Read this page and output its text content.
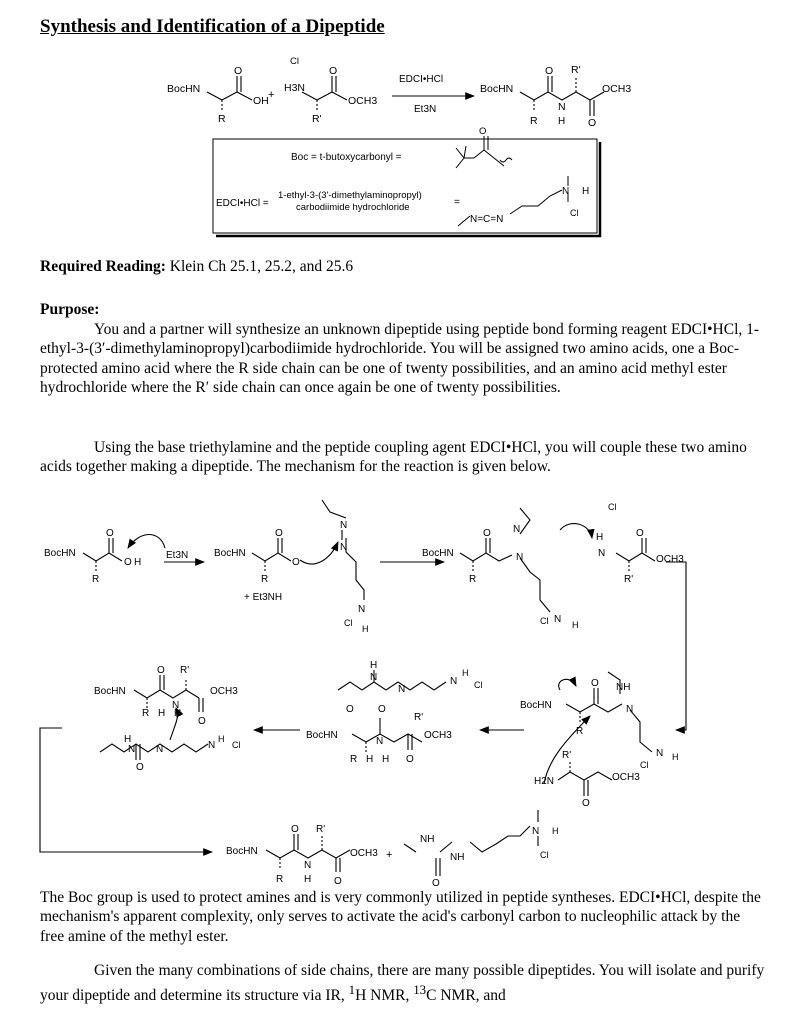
Synthesis and Identification of a Dipeptide
BocHN
O
OH
R
+
Cl
H3N
O
OCH3
R'
EDCI•HCl
Et3N
BocHN
O R'
N
H
R	O
OCH3
Boc = t-butoxycarbonyl =
O
EDCI•HCl =
1-ethyl-3-(3'-dimethylaminopropyl)
carbodiimide hydrochloride	=
N=C=N
N H
Cl
BocHN
O
O H
R
Et3N	BocHN
O
O
R
+ Et3NH
N
N
N
Cl
H
BocHN
O
R
N
N
Cl N H
Cl
H
N
O
OCH3
R'
BocHN
O R'
N
OCH3
R H H
O
H
N N	N
H
Cl
O
H
N
N
N
H
Cl
O O
R'
BocHN
N
OCH3
R H H O
BocHN
O NH
N
R
N H
Cl
R'
H2N	OCH3
O
BocHN
O R'
N
H
OCH3
R	O
+
NH
NH
O
N H
Cl
Required Reading: Klein Ch 25.1, 25.2, and 25.6
Purpose:

You and a partner will synthesize an unknown dipeptide using peptide bond forming reagent EDCI•HCl, 1-ethyl-3-(3′-dimethylaminopropyl)carbodiimide hydrochloride. You will be assigned two amino acids, one a Boc-protected amino acid where the R side chain can be one of twenty possibilities, and an amino acid methyl ester hydrochloride where the R′ side chain can once again be one of twenty possibilities.

Using the base triethylamine and the peptide coupling agent EDCI•HCl, you will couple these two amino acids together making a dipeptide. The mechanism for the reaction is given below.

The Boc group is used to protect amines and is very commonly utilized in peptide syntheses. EDCI•HCl, despite the mechanism's apparent complexity, only serves to activate the acid's carbonyl carbon to nucleophilic attack by the free amine of the methyl ester.

Given the many combinations of side chains, there are many possible dipeptides. You will isolate and purify your dipeptide and determine its structure via IR, $^1$H NMR, $^{13}$C NMR, and
